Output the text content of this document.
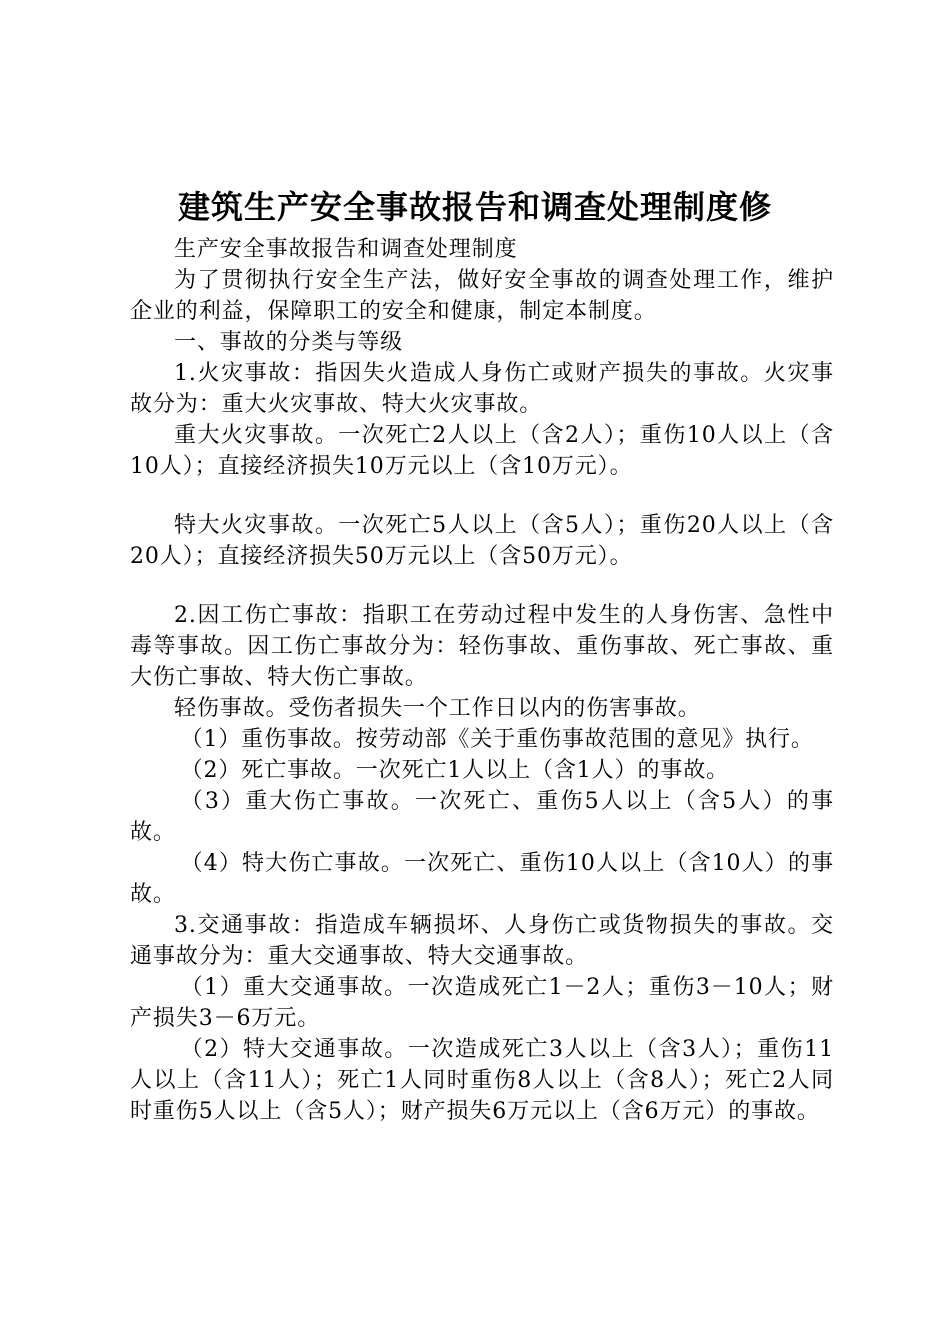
建筑生产安全事故报告和调查处理制度修

生产安全事故报告和调查处理制度

为了贯彻执行安全生产法，做好安全事故的调查处理工作，维护企业的利益，保障职工的安全和健康，制定本制度。

一、事故的分类与等级

1.火灾事故：指因失火造成人身伤亡或财产损失的事故。火灾事故分为：重大火灾事故、特大火灾事故。

重大火灾事故。一次死亡2人以上（含2人）；重伤10人以上（含10人）；直接经济损失10万元以上（含10万元）。

特大火灾事故。一次死亡5人以上（含5人）；重伤20人以上（含20人）；直接经济损失50万元以上（含50万元）。

2.因工伤亡事故：指职工在劳动过程中发生的人身伤害、急性中毒等事故。因工伤亡事故分为：轻伤事故、重伤事故、死亡事故、重大伤亡事故、特大伤亡事故。

轻伤事故。受伤者损失一个工作日以内的伤害事故。

（1）重伤事故。按劳动部《关于重伤事故范围的意见》执行。

（2）死亡事故。一次死亡1人以上（含1人）的事故。

（3）重大伤亡事故。一次死亡、重伤5人以上（含5人）的事故。

（4）特大伤亡事故。一次死亡、重伤10人以上（含10人）的事故。

3.交通事故：指造成车辆损坏、人身伤亡或货物损失的事故。交通事故分为：重大交通事故、特大交通事故。

（1）重大交通事故。一次造成死亡1－2人；重伤3－10人；财产损失3－6万元。

（2）特大交通事故。一次造成死亡3人以上（含3人）；重伤11人以上（含11人）；死亡1人同时重伤8人以上（含8人）；死亡2人同时重伤5人以上（含5人）；财产损失6万元以上（含6万元）的事故。
